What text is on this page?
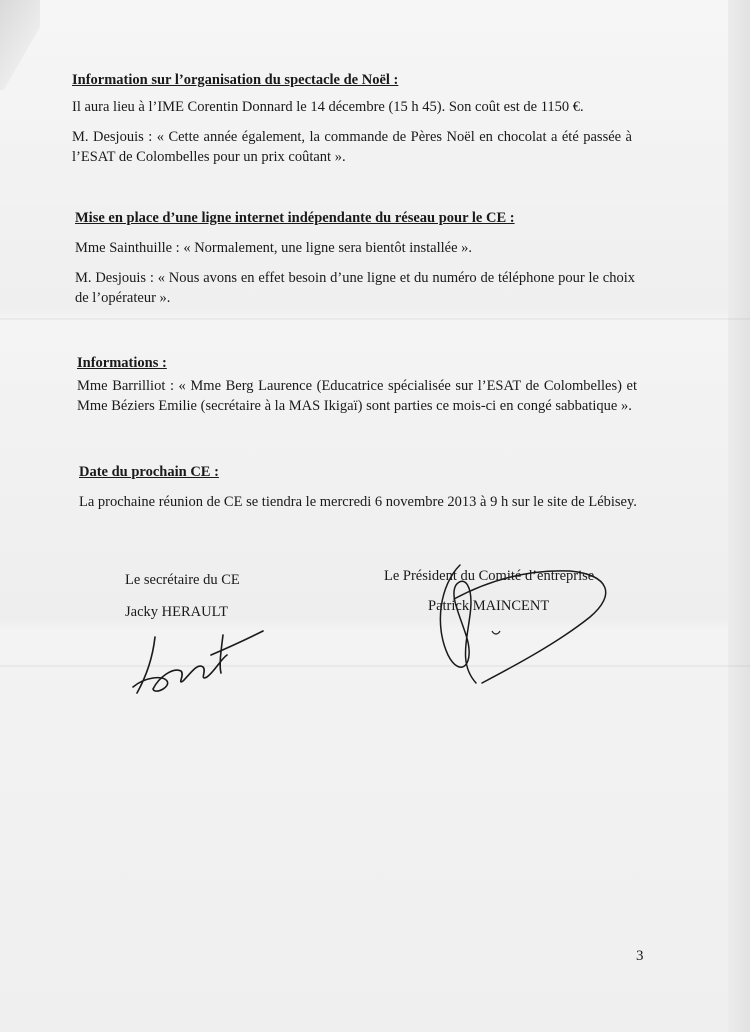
Information sur l’organisation du spectacle de Noël :
Il aura lieu à l’IME Corentin Donnard le 14 décembre (15 h 45). Son coût est de 1150 €.
M. Desjouis : « Cette année également, la commande de Pères Noël en chocolat a été passée à l’ESAT de Colombelles pour un prix coûtant ».
Mise en place d’une ligne internet indépendante du réseau pour le CE :
Mme Sainthuille : « Normalement, une ligne sera bientôt installée ».
M. Desjouis : « Nous avons en effet besoin d’une ligne et du numéro de téléphone pour le choix de l’opérateur ».
Informations :
Mme Barrilliot : « Mme Berg Laurence (Educatrice spécialisée sur l’ESAT de Colombelles) et Mme Béziers Emilie (secrétaire à la MAS Ikigaï) sont parties ce mois-ci en congé sabbatique ».
Date du prochain CE :
La prochaine réunion de CE se tiendra le mercredi 6 novembre 2013 à 9 h sur le site de Lébisey.
Le secrétaire du CE
Jacky HERAULT
Le Président du Comité d’entreprise
Patrick MAINCENT
3
